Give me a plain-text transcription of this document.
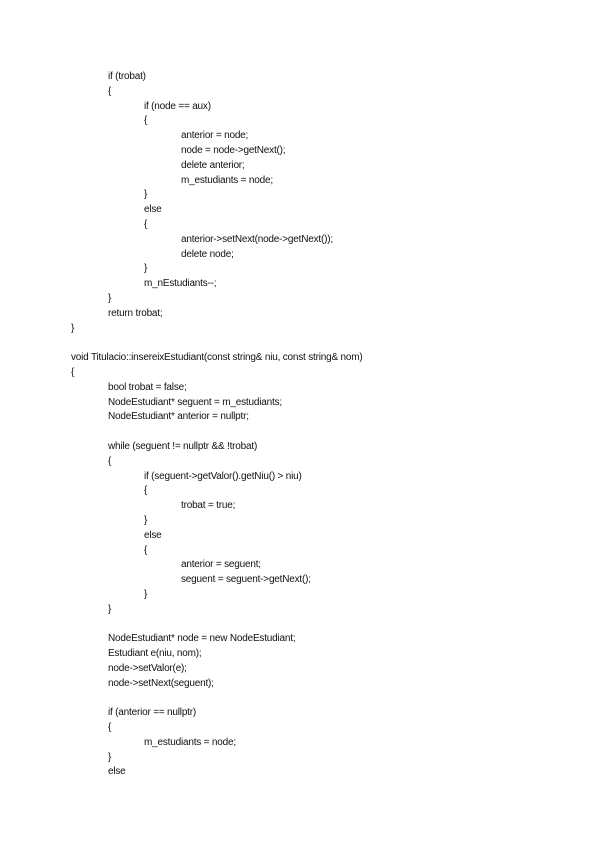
if (trobat)
{
if (node == aux)
{
anterior = node;
node = node->getNext();
delete anterior;
m_estudiants = node;
}
else
{
anterior->setNext(node->getNext());
delete node;
}
m_nEstudiants--;
}
return trobat;
}
void Titulacio::insereixEstudiant(const string& niu, const string& nom)
{
bool trobat = false;
NodeEstudiant* seguent = m_estudiants;
NodeEstudiant* anterior = nullptr;
while (seguent != nullptr && !trobat)
{
if (seguent->getValor().getNiu() > niu)
{
trobat = true;
}
else
{
anterior = seguent;
seguent = seguent->getNext();
}
}
NodeEstudiant* node = new NodeEstudiant;
Estudiant e(niu, nom);
node->setValor(e);
node->setNext(seguent);
if (anterior == nullptr)
{
m_estudiants = node;
}
else
